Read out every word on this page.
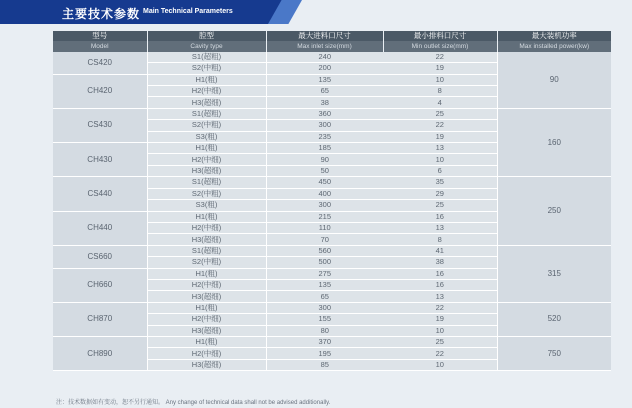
主要技术参数 Main Technical Parameters
型号	腔型	最大进料口尺寸	最小排料口尺寸	最大装机功率
Model	Cavity type	Max inlet size(mm)	Min outlet size(mm)	Max installed power(kw)
CS420	S1(超粗)	240	22	90
	S2(中粗)	200	19	
CH420	H1(粗)	135	10	
	H2(中细)	65	8	
	H3(超细)	38	4	
CS430	S1(超粗)	360	25	160
	S2(中粗)	300	22	
	S3(粗)	235	19	
CH430	H1(粗)	185	13	
	H2(中细)	90	10	
	H3(超细)	50	6	
CS440	S1(超粗)	450	35	250
	S2(中粗)	400	29	
	S3(粗)	300	25	
CH440	H1(粗)	215	16	
	H2(中细)	110	13	
	H3(超细)	70	8	
CS660	S1(超粗)	560	41	315
	S2(中粗)	500	38	
CH660	H1(粗)	275	16	
	H2(中细)	135	16	
	H3(超细)	65	13	
CH870	H1(粗)	300	22	520
	H2(中细)	155	19	
	H3(超细)	80	10	
CH890	H1(粗)	370	25	750
	H2(中细)	195	22	
	H3(超细)	85	10	
注：技术数据如有变动，恕不另行通知。 Any change of technical data shall not be advised additionally.
